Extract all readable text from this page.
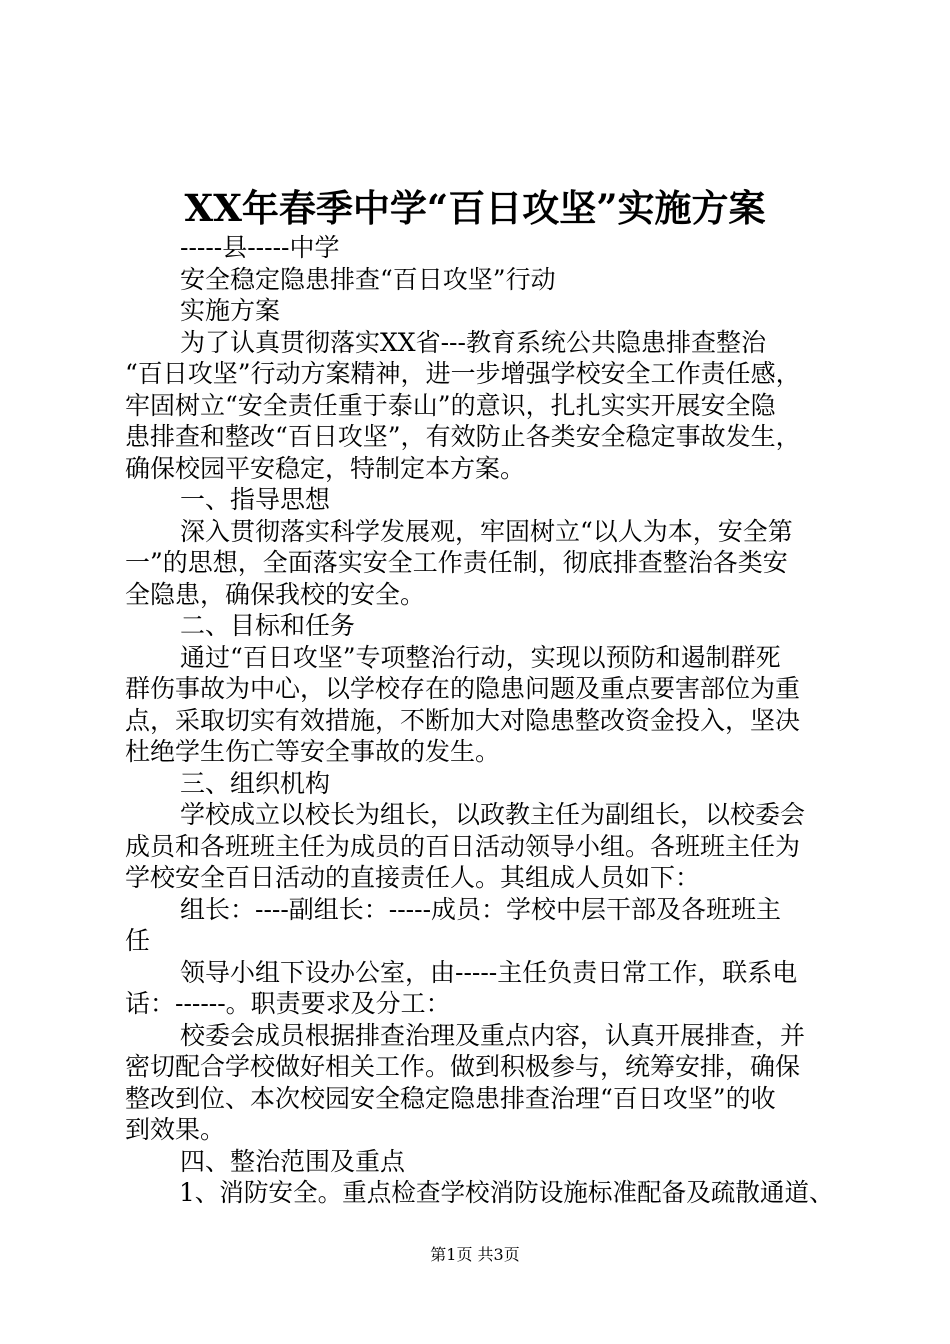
XX年春季中学“百日攻坚”实施方案
-----县-----中学
安全稳定隐患排查“百日攻坚”行动
实施方案
为了认真贯彻落实XX省---教育系统公共隐患排查整治
“百日攻坚”行动方案精神，进一步增强学校安全工作责任感，
牢固树立“安全责任重于泰山”的意识，扎扎实实开展安全隐
患排查和整改“百日攻坚”，有效防止各类安全稳定事故发生，
确保校园平安稳定，特制定本方案。
一、指导思想
深入贯彻落实科学发展观，牢固树立“以人为本，安全第
一”的思想，全面落实安全工作责任制，彻底排查整治各类安
全隐患，确保我校的安全。
二、目标和任务
通过“百日攻坚”专项整治行动，实现以预防和遏制群死
群伤事故为中心，以学校存在的隐患问题及重点要害部位为重
点，采取切实有效措施，不断加大对隐患整改资金投入，坚决
杜绝学生伤亡等安全事故的发生。
三、组织机构
学校成立以校长为组长，以政教主任为副组长，以校委会
成员和各班班主任为成员的百日活动领导小组。各班班主任为
学校安全百日活动的直接责任人。其组成人员如下：
组长：----副组长：-----成员：学校中层干部及各班班主
任
领导小组下设办公室，由-----主任负责日常工作，联系电
话：------。职责要求及分工：
校委会成员根据排查治理及重点内容，认真开展排查，并
密切配合学校做好相关工作。做到积极参与，统筹安排，确保
整改到位、本次校园安全稳定隐患排查治理“百日攻坚”的收
到效果。
四、整治范围及重点
1、消防安全。重点检查学校消防设施标准配备及疏散通道、
第1页 共3页
